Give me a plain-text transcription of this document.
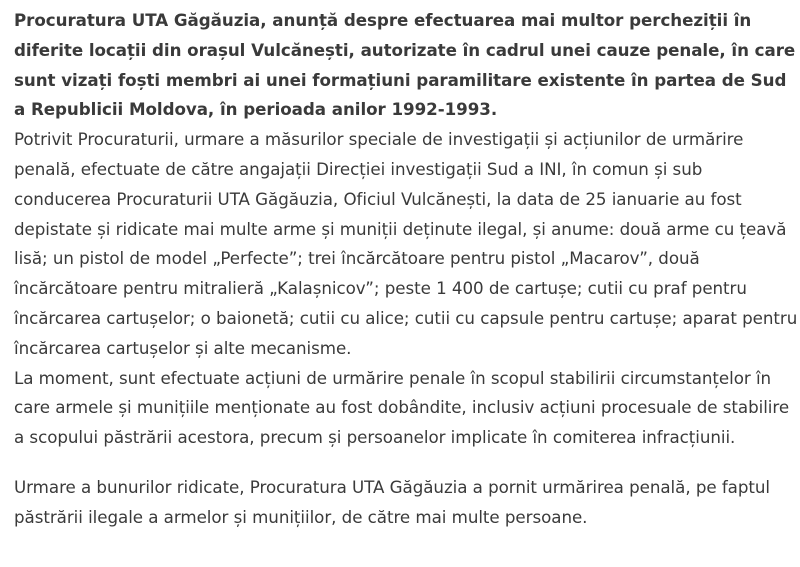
Procuratura UTA Găgăuzia, anunță despre efectuarea mai multor percheziții în diferite locații din orașul Vulcănești, autorizate în cadrul unei cauze penale, în care sunt vizați foști membri ai unei formațiuni paramilitare existente în partea de Sud a Republicii Moldova, în perioada anilor 1992-1993.

Potrivit Procuraturii, urmare a măsurilor speciale de investigații și acțiunilor de urmărire penală, efectuate de către angajații Direcției investigații Sud a INI, în comun și sub conducerea Procuraturii UTA Găgăuzia, Oficiul Vulcănești, la data de 25 ianuarie au fost depistate și ridicate mai multe arme și muniții deținute ilegal, și anume: două arme cu țeavă lisă; un pistol de model „Perfecte”; trei încărcătoare pentru pistol „Macarov”, două încărcătoare pentru mitralieră „Kalașnicov”; peste 1 400 de cartușe; cutii cu praf pentru încărcarea cartușelor; o baionetă; cutii cu alice; cutii cu capsule pentru cartușe; aparat pentru încărcarea cartușelor și alte mecanisme.

La moment, sunt efectuate acțiuni de urmărire penale în scopul stabilirii circumstanțelor în care armele și munițiile menționate au fost dobândite, inclusiv acțiuni procesuale de stabilire a scopului păstrării acestora, precum și persoanelor implicate în comiterea infracțiunii.

Urmare a bunurilor ridicate, Procuratura UTA Găgăuzia a pornit urmărirea penală, pe faptul păstrării ilegale a armelor și munițiilor, de către mai multe persoane.
